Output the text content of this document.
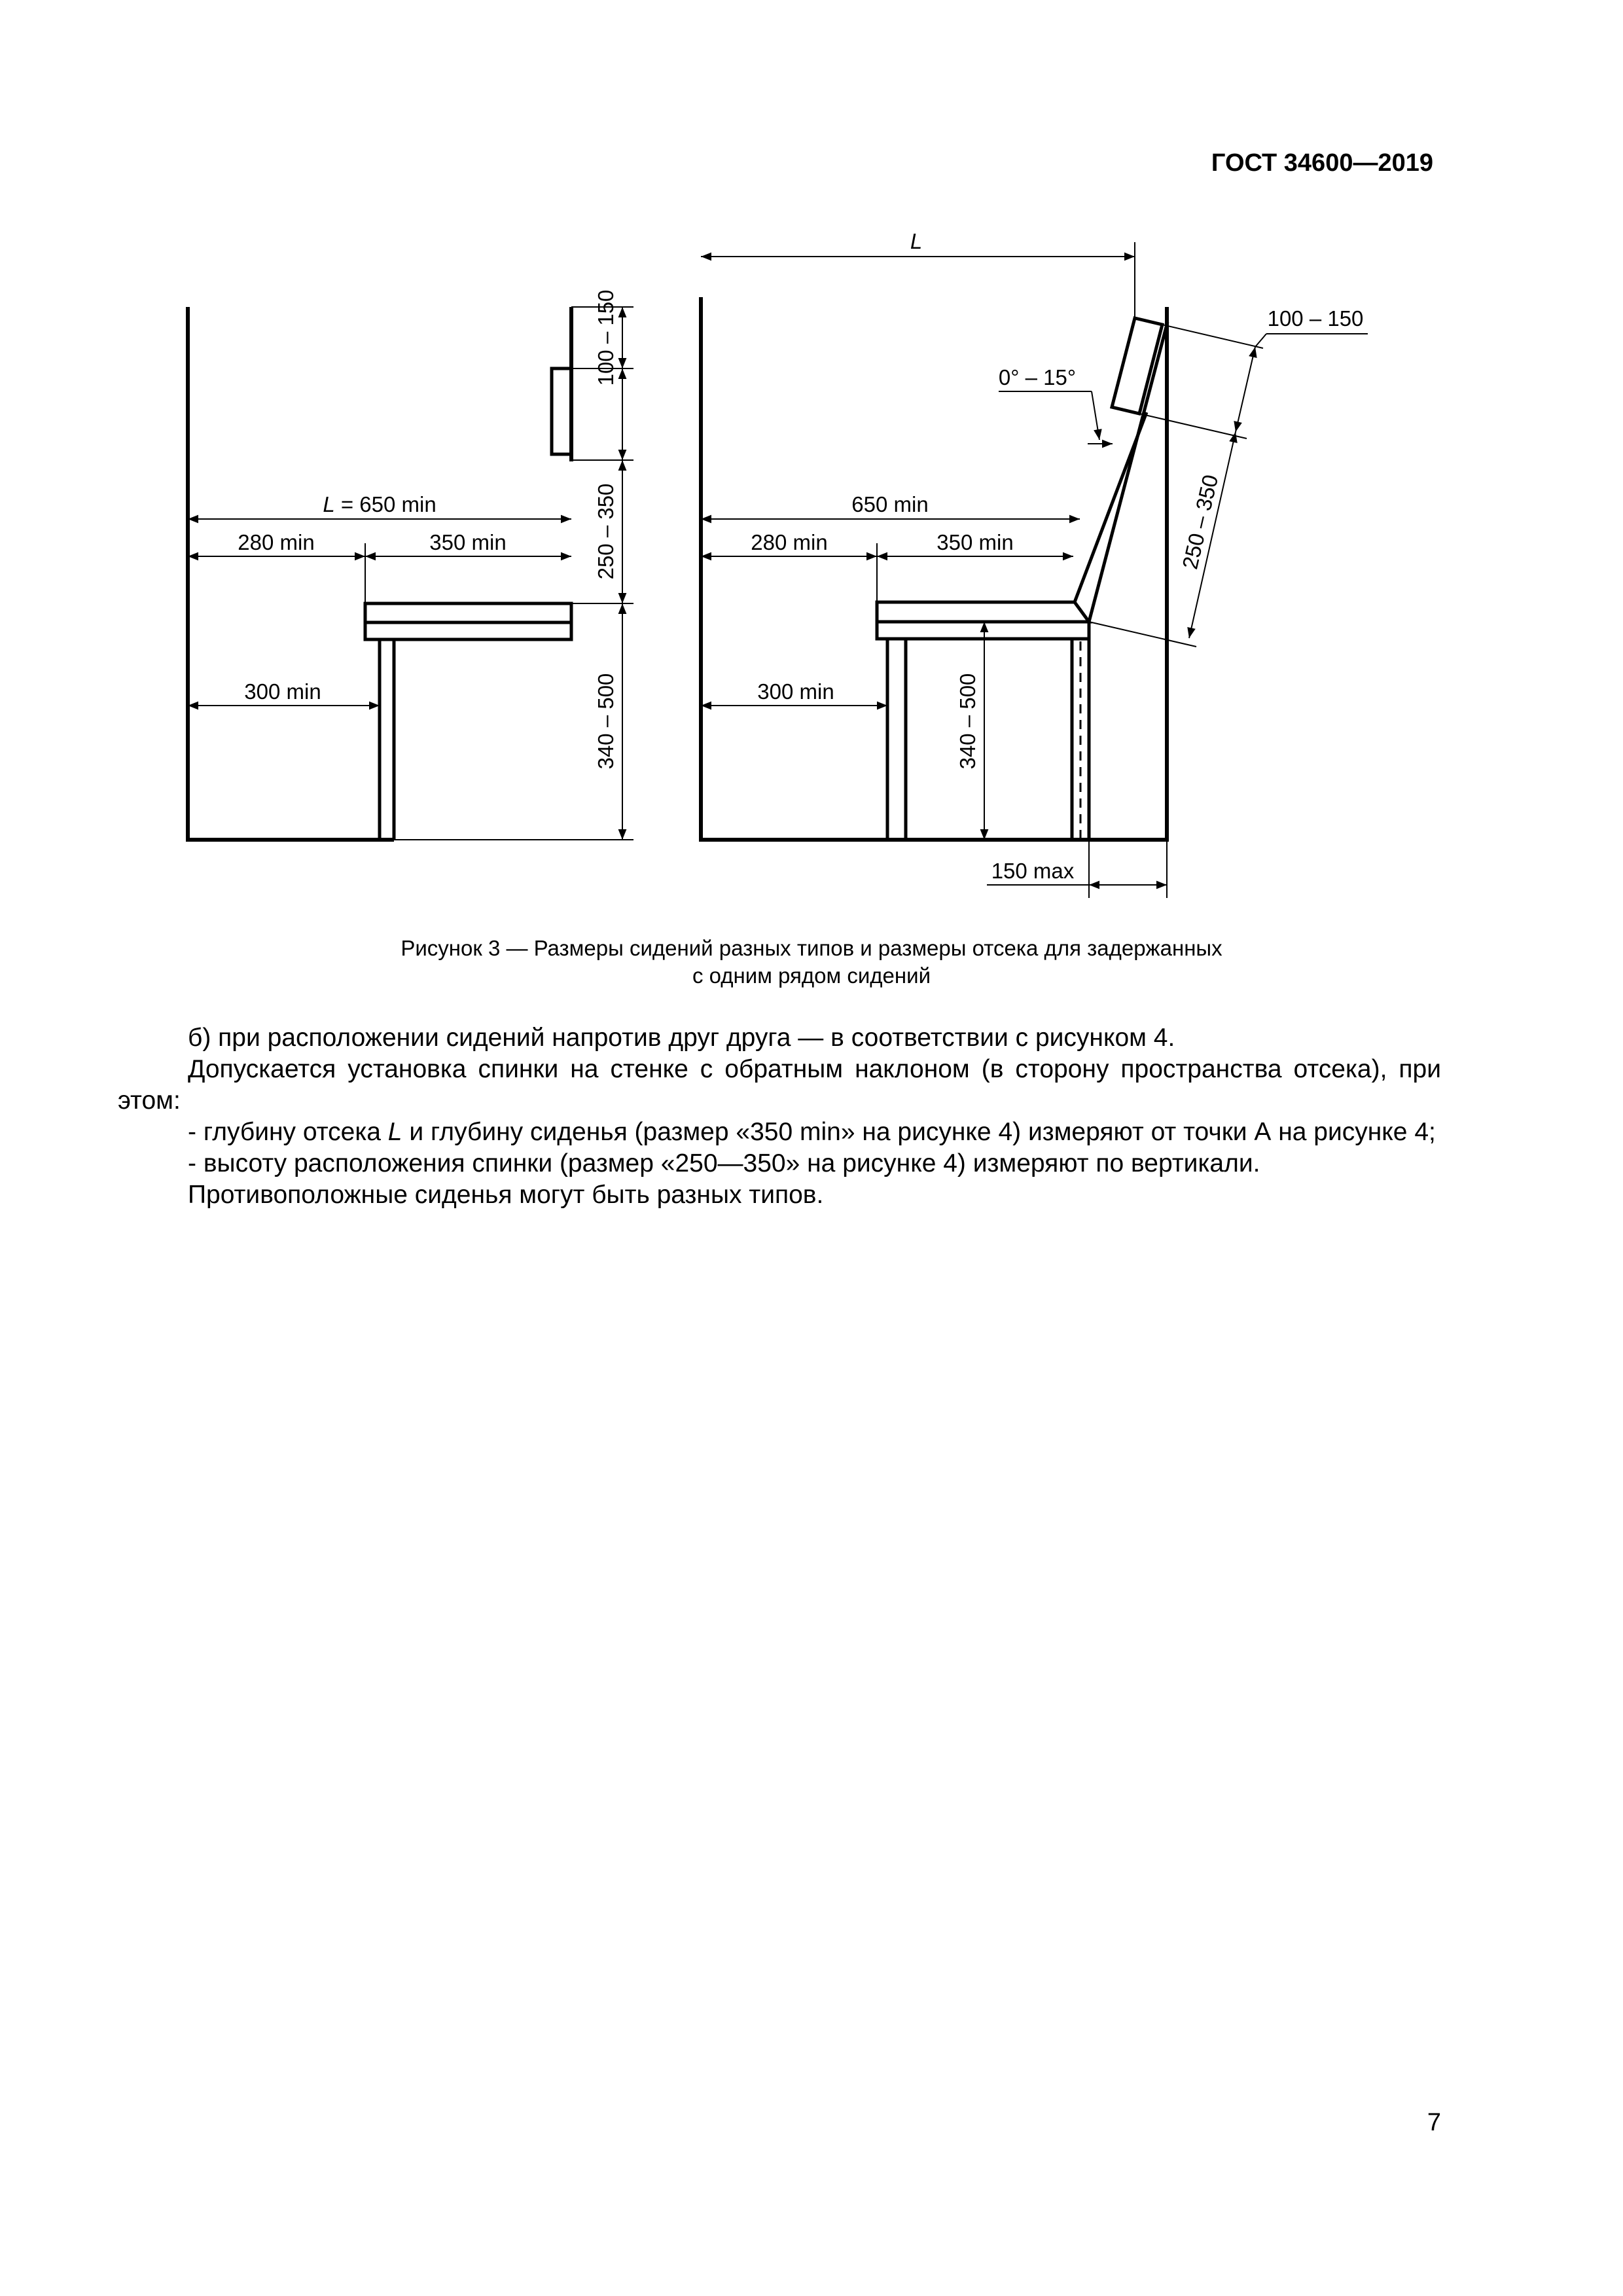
ГОСТ 34600—2019
L = 650 min
280 min	350 min
300 min
100 – 150
250 – 350
340 – 500
L
650 min
280 min	350 min
300 min
0° – 15°
100 – 150
250 – 350
340 – 500
150 max
Рисунок 3 — Размеры сидений разных типов и размеры отсека для задержанных
с одним рядом сидений

б) при расположении сидений напротив друг друга — в соответствии с рисунком 4.

Допускается установка спинки на стенке с обратным наклоном (в сторону пространства отсека), при этом:

- глубину отсека L и глубину сиденья (размер «350 min» на рисунке 4) измеряют от точки А на рисунке 4;

- высоту расположения спинки (размер «250—350» на рисунке 4) измеряют по вертикали.

Противоположные сиденья могут быть разных типов.

7
